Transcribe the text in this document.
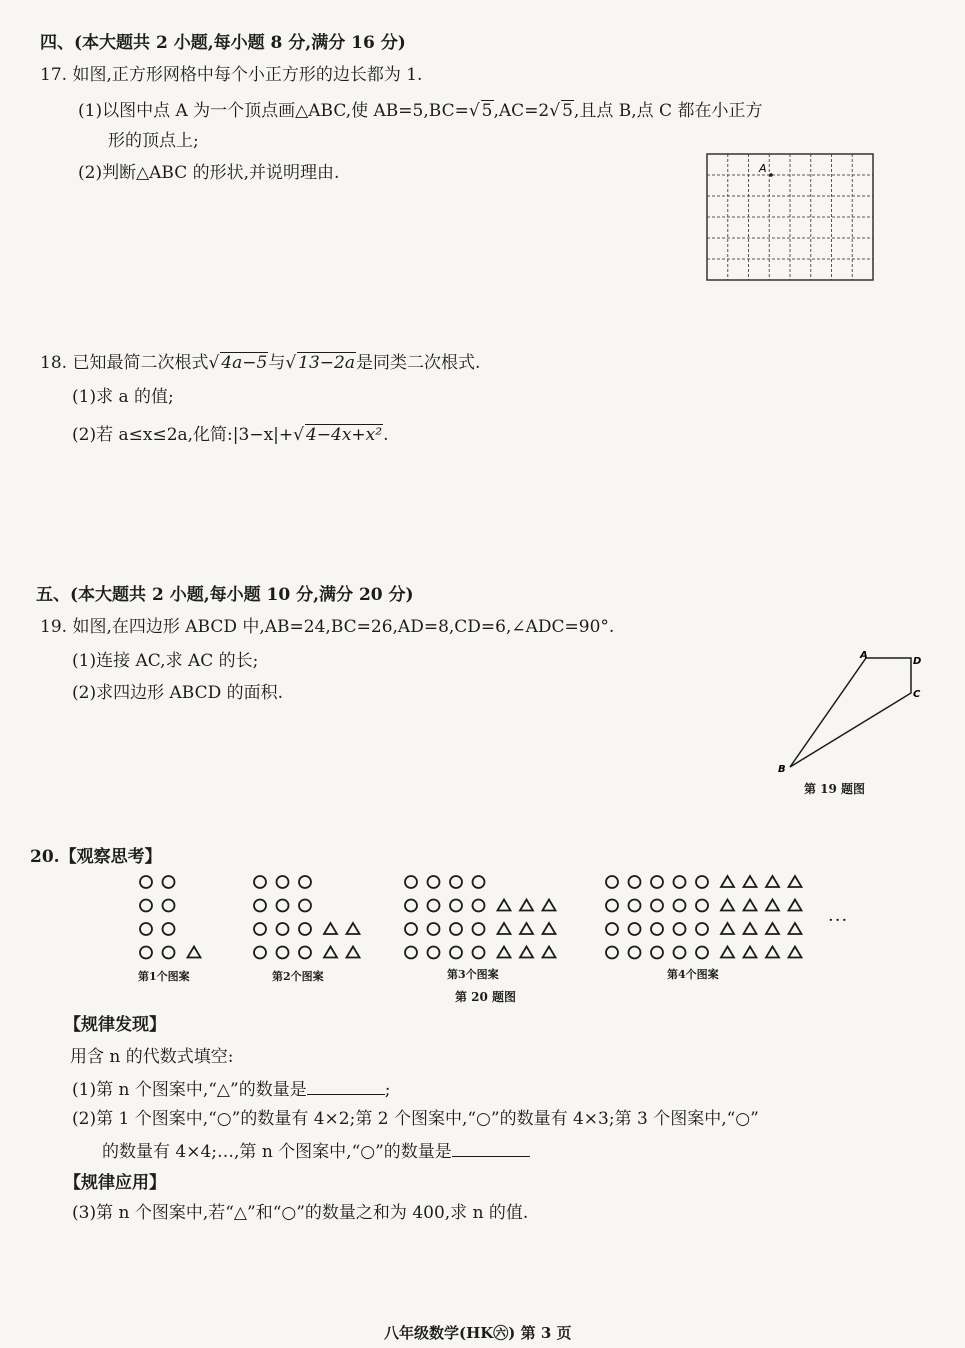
四、(本大题共 2 小题,每小题 8 分,满分 16 分)
17. 如图,正方形网格中每个小正方形的边长都为 1.
(1)以图中点 A 为一个顶点画△ABC,使 AB=5,BC=√ 5,AC=2√ 5,且点 B,点 C 都在小正方
形的顶点上;
(2)判断△ABC 的形状,并说明理由.	A
18. 已知最简二次根式√ 4a−5与√ 13−2a是同类二次根式.
(1)求 a 的值;
(2)若 a≤x≤2a,化简:|3−x|+√ 4−4x+x².
五、(本大题共 2 小题,每小题 10 分,满分 20 分)
19. 如图,在四边形 ABCD 中,AB=24,BC=26,AD=8,CD=6,∠ADC=90°.
(1)连接 AC,求 AC 的长;
(2)求四边形 ABCD 的面积.
A
D
C
B
第 19 题图
20.【观察思考】
第1个图案	第2个图案	第3个图案	第4个图案
···
第 20 题图
【规律发现】
用含 n 的代数式填空:
(1)第 n 个图案中,“△”的数量是	;
(2)第 1 个图案中,“○”的数量有 4×2;第 2 个图案中,“○”的数量有 4×3;第 3 个图案中,“○”
的数量有 4×4;…,第 n 个图案中,“○”的数量是
【规律应用】
(3)第 n 个图案中,若“△”和“○”的数量之和为 400,求 n 的值.
八年级数学(HK㊅) 第 3 页
